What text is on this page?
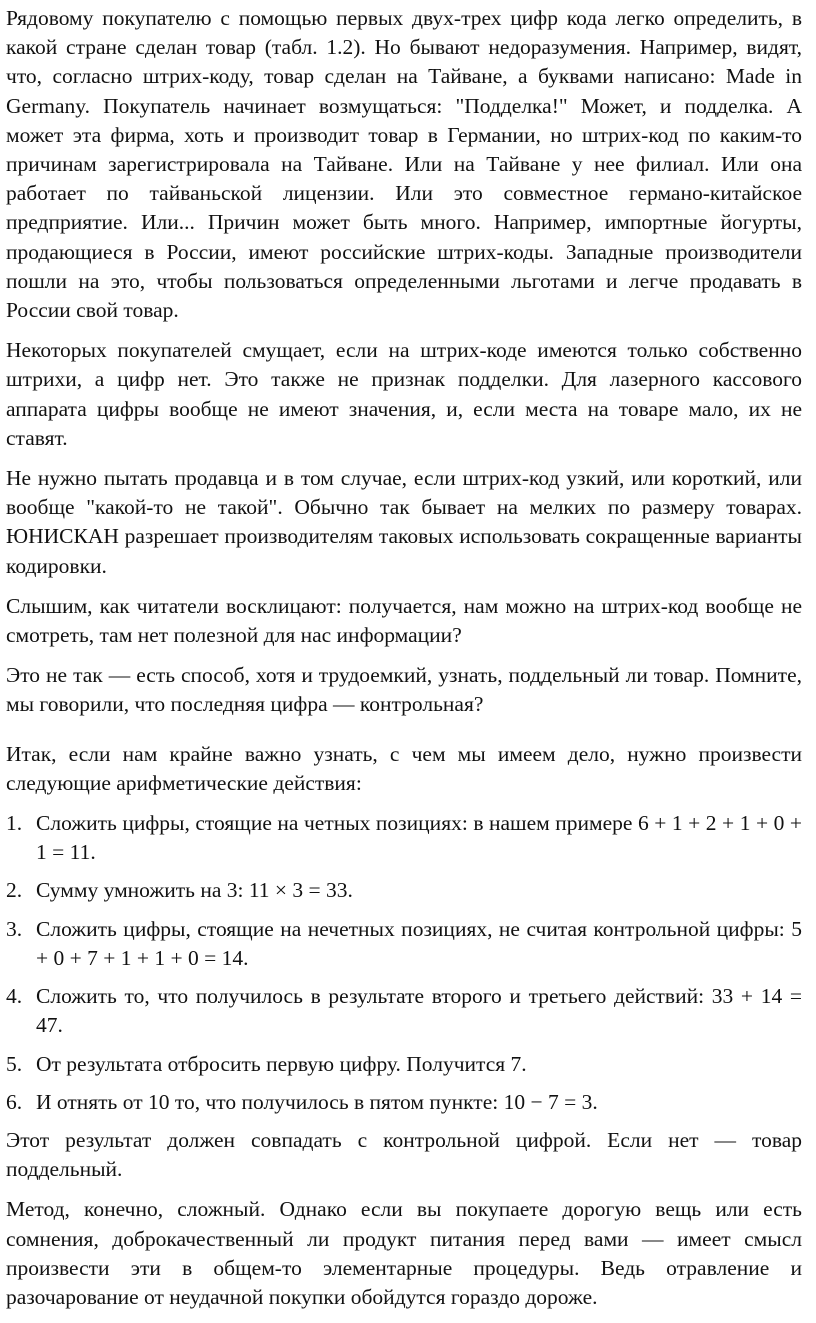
Рядовому покупателю с помощью первых двух-трех цифр кода легко определить, в какой стране сделан товар (табл. 1.2). Но бывают недоразумения. Например, видят, что, согласно штрих-коду, товар сделан на Тайване, а буквами написано: Made in Germany. Покупатель начинает возмущаться: "Подделка!" Может, и подделка. А может эта фирма, хоть и производит товар в Германии, но штрих-код по каким-то причинам зарегистрировала на Тайване. Или на Тайване у нее филиал. Или она работает по тайваньской лицензии. Или это совместное германо-китайское предприятие. Или... Причин может быть много. Например, импортные йогурты, продающиеся в России, имеют российские штрих-коды. Западные производители пошли на это, чтобы пользоваться определенными льготами и легче продавать в России свой товар.

Некоторых покупателей смущает, если на штрих-коде имеются только собственно штрихи, а цифр нет. Это также не признак подделки. Для лазерного кассового аппарата цифры вообще не имеют значения, и, если места на товаре мало, их не ставят.

Не нужно пытать продавца и в том случае, если штрих-код узкий, или короткий, или вообще "какой-то не такой". Обычно так бывает на мелких по размеру товарах. ЮНИСКАН разрешает производителям таковых использовать сокращенные варианты кодировки.

Слышим, как читатели восклицают: получается, нам можно на штрих-код вообще не смотреть, там нет полезной для нас информации?

Это не так — есть способ, хотя и трудоемкий, узнать, поддельный ли товар. Помните, мы говорили, что последняя цифра — контрольная?

Итак, если нам крайне важно узнать, с чем мы имеем дело, нужно произвести следующие арифметические действия:

1. Сложить цифры, стоящие на четных позициях: в нашем примере 6 + 1 + 2 + 1 + 0 + 1 = 11.
2. Сумму умножить на 3: 11 × 3 = 33.
3. Сложить цифры, стоящие на нечетных позициях, не считая контрольной цифры: 5 + 0 + 7 + 1 + 1 + 0 = 14.
4. Сложить то, что получилось в результате второго и третьего действий: 33 + 14 = 47.
5. От результата отбросить первую цифру. Получится 7.
6. И отнять от 10 то, что получилось в пятом пункте: 10 − 7 = 3.

Этот результат должен совпадать с контрольной цифрой. Если нет — товар поддельный.

Метод, конечно, сложный. Однако если вы покупаете дорогую вещь или есть сомнения, доброкачественный ли продукт питания перед вами — имеет смысл произвести эти в общем-то элементарные процедуры. Ведь отравление и разочарование от неудачной покупки обойдутся гораздо дороже.
